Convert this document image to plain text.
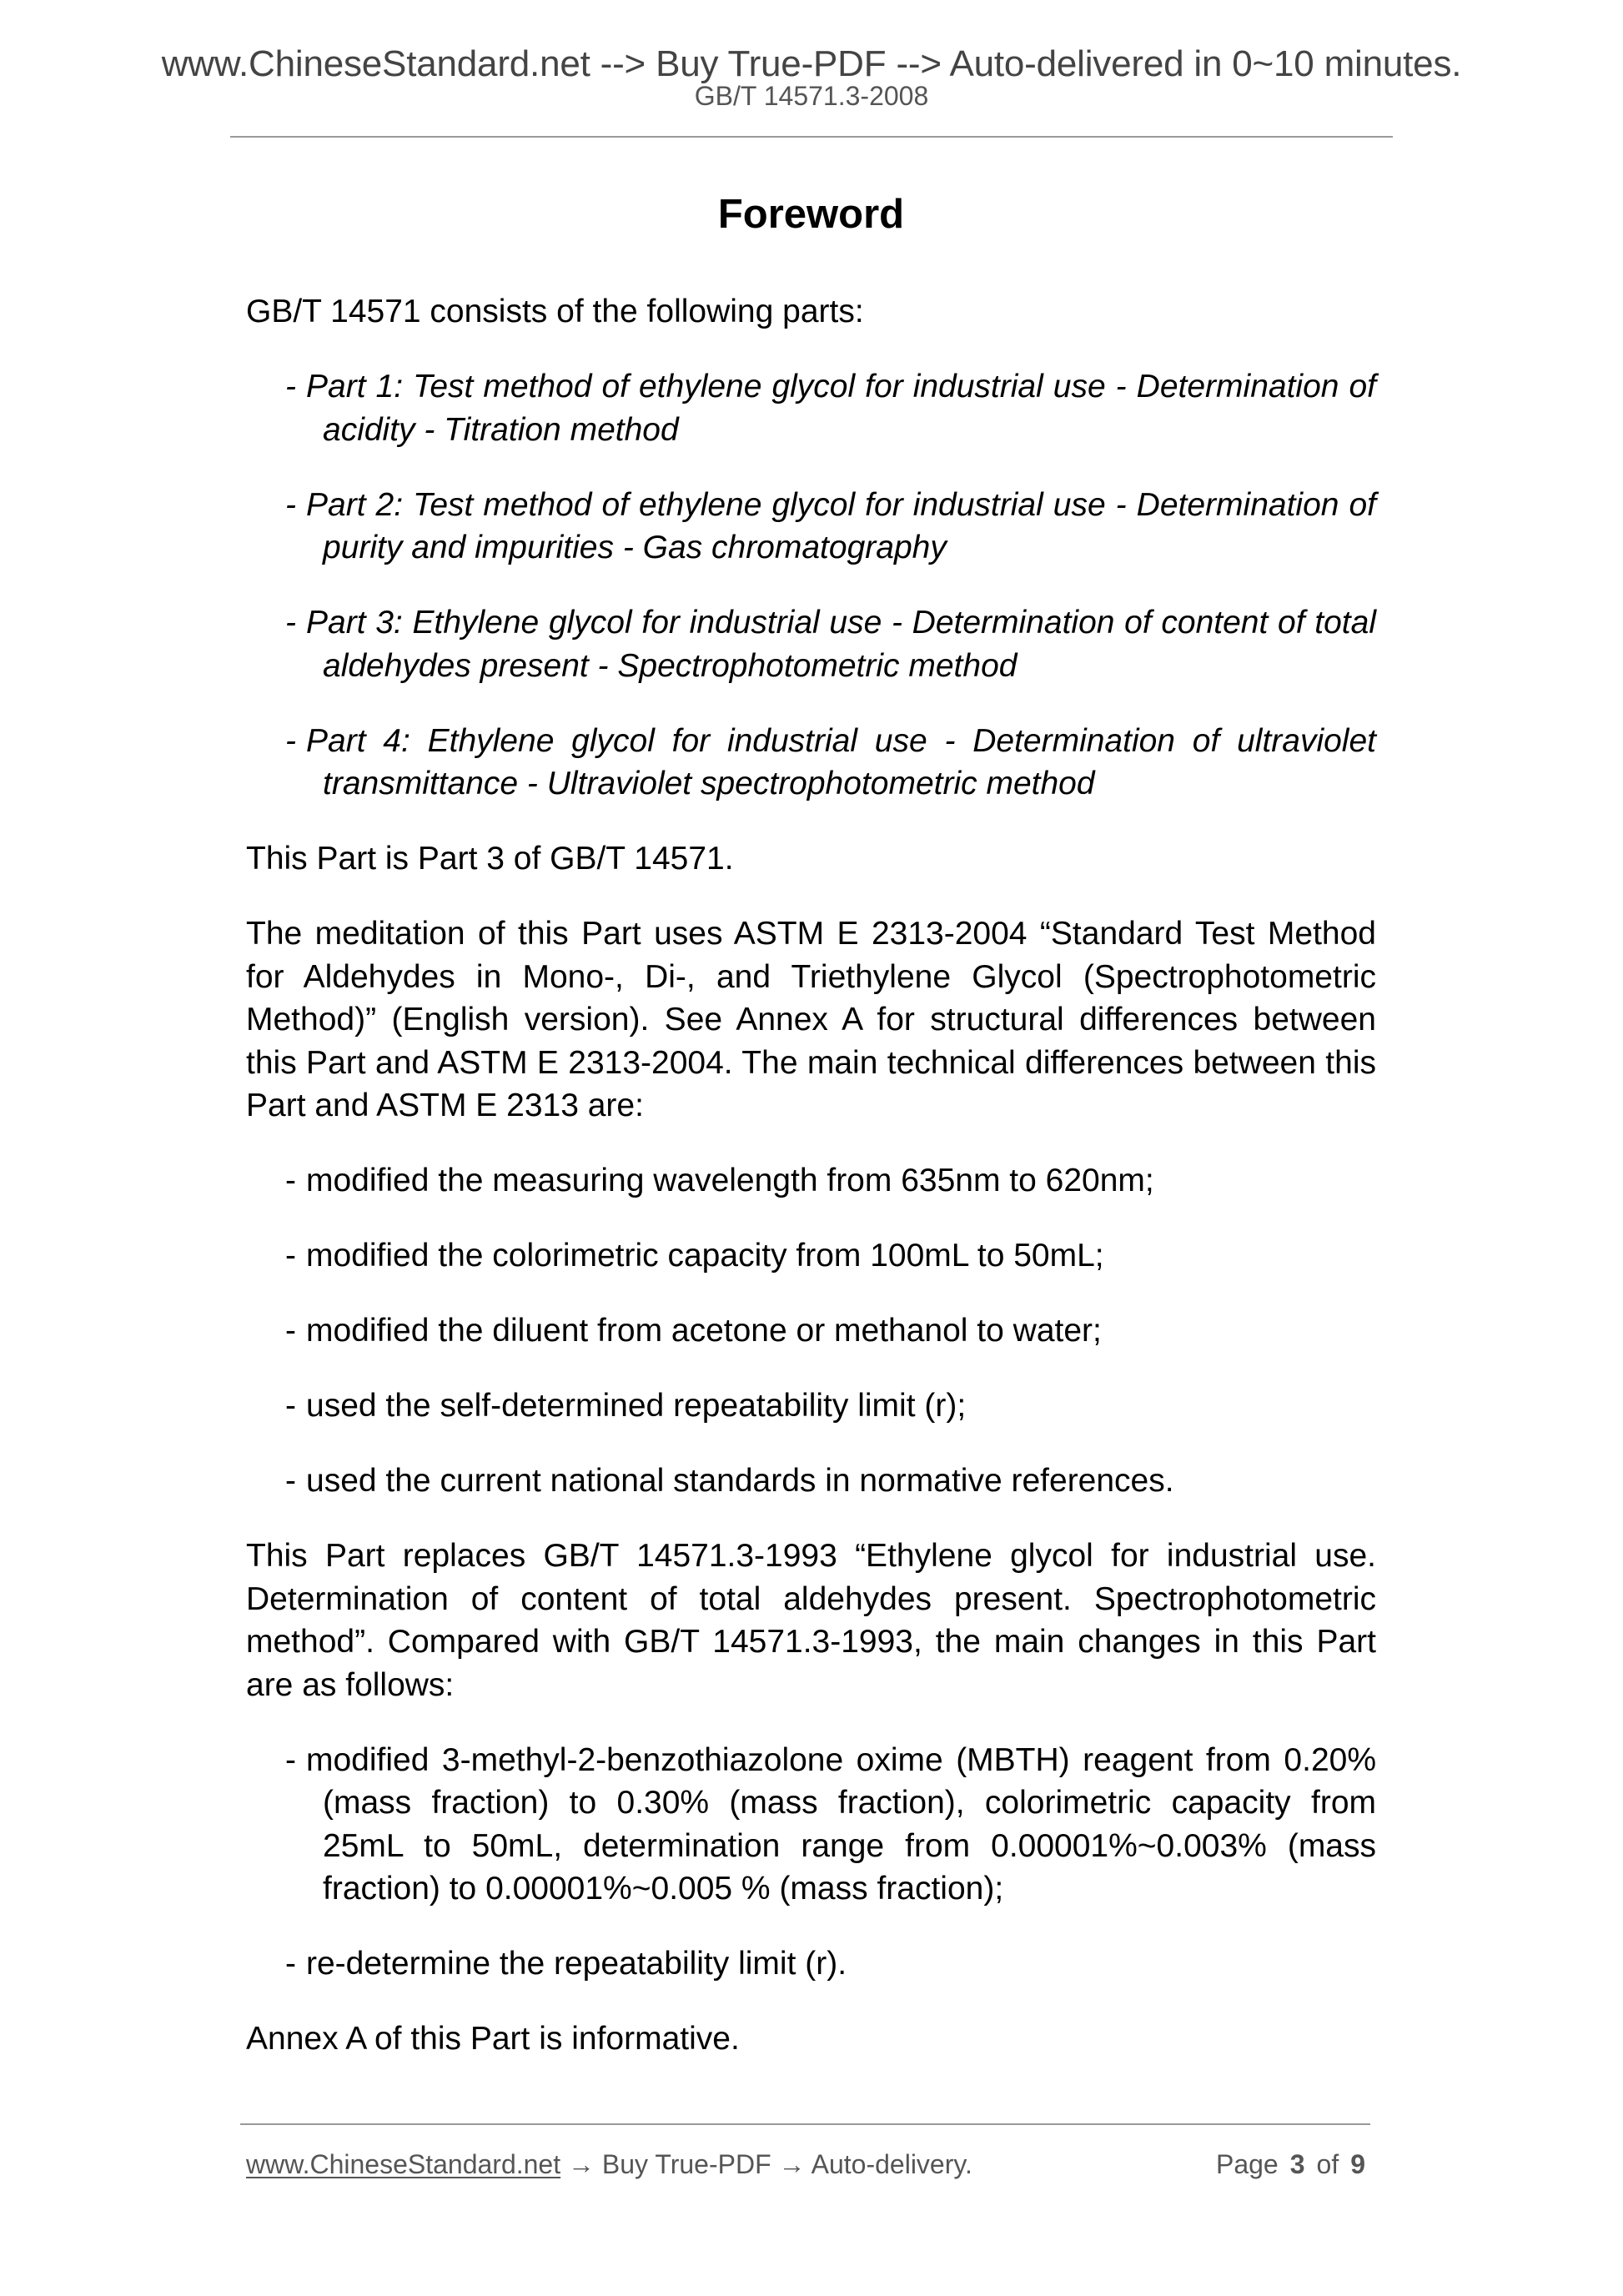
www.ChineseStandard.net --> Buy True-PDF --> Auto-delivered in 0~10 minutes.
GB/T 14571.3-2008
Foreword

GB/T 14571 consists of the following parts:

- Part 1: Test method of ethylene glycol for industrial use - Determination of acidity - Titration method

- Part 2: Test method of ethylene glycol for industrial use - Determination of purity and impurities - Gas chromatography

- Part 3: Ethylene glycol for industrial use - Determination of content of total aldehydes present - Spectrophotometric method

- Part 4: Ethylene glycol for industrial use - Determination of ultraviolet transmittance - Ultraviolet spectrophotometric method

This Part is Part 3 of GB/T 14571.

The meditation of this Part uses ASTM E 2313-2004 “Standard Test Method for Aldehydes in Mono-, Di-, and Triethylene Glycol (Spectrophotometric Method)” (English version). See Annex A for structural differences between this Part and ASTM E 2313-2004. The main technical differences between this Part and ASTM E 2313 are:

- modified the measuring wavelength from 635nm to 620nm;

- modified the colorimetric capacity from 100mL to 50mL;

- modified the diluent from acetone or methanol to water;

- used the self-determined repeatability limit (r);

- used the current national standards in normative references.

This Part replaces GB/T 14571.3-1993 “Ethylene glycol for industrial use. Determination of content of total aldehydes present. Spectrophotometric method”. Compared with GB/T 14571.3-1993, the main changes in this Part are as follows:

- modified 3-methyl-2-benzothiazolone oxime (MBTH) reagent from 0.20% (mass fraction) to 0.30% (mass fraction), colorimetric capacity from 25mL to 50mL, determination range from 0.00001%~0.003% (mass fraction) to 0.00001%~0.005 % (mass fraction);

- re-determine the repeatability limit (r).

Annex A of this Part is informative.

www.ChineseStandard.net → Buy True-PDF → Auto-delivery.	Page 3 of 9
